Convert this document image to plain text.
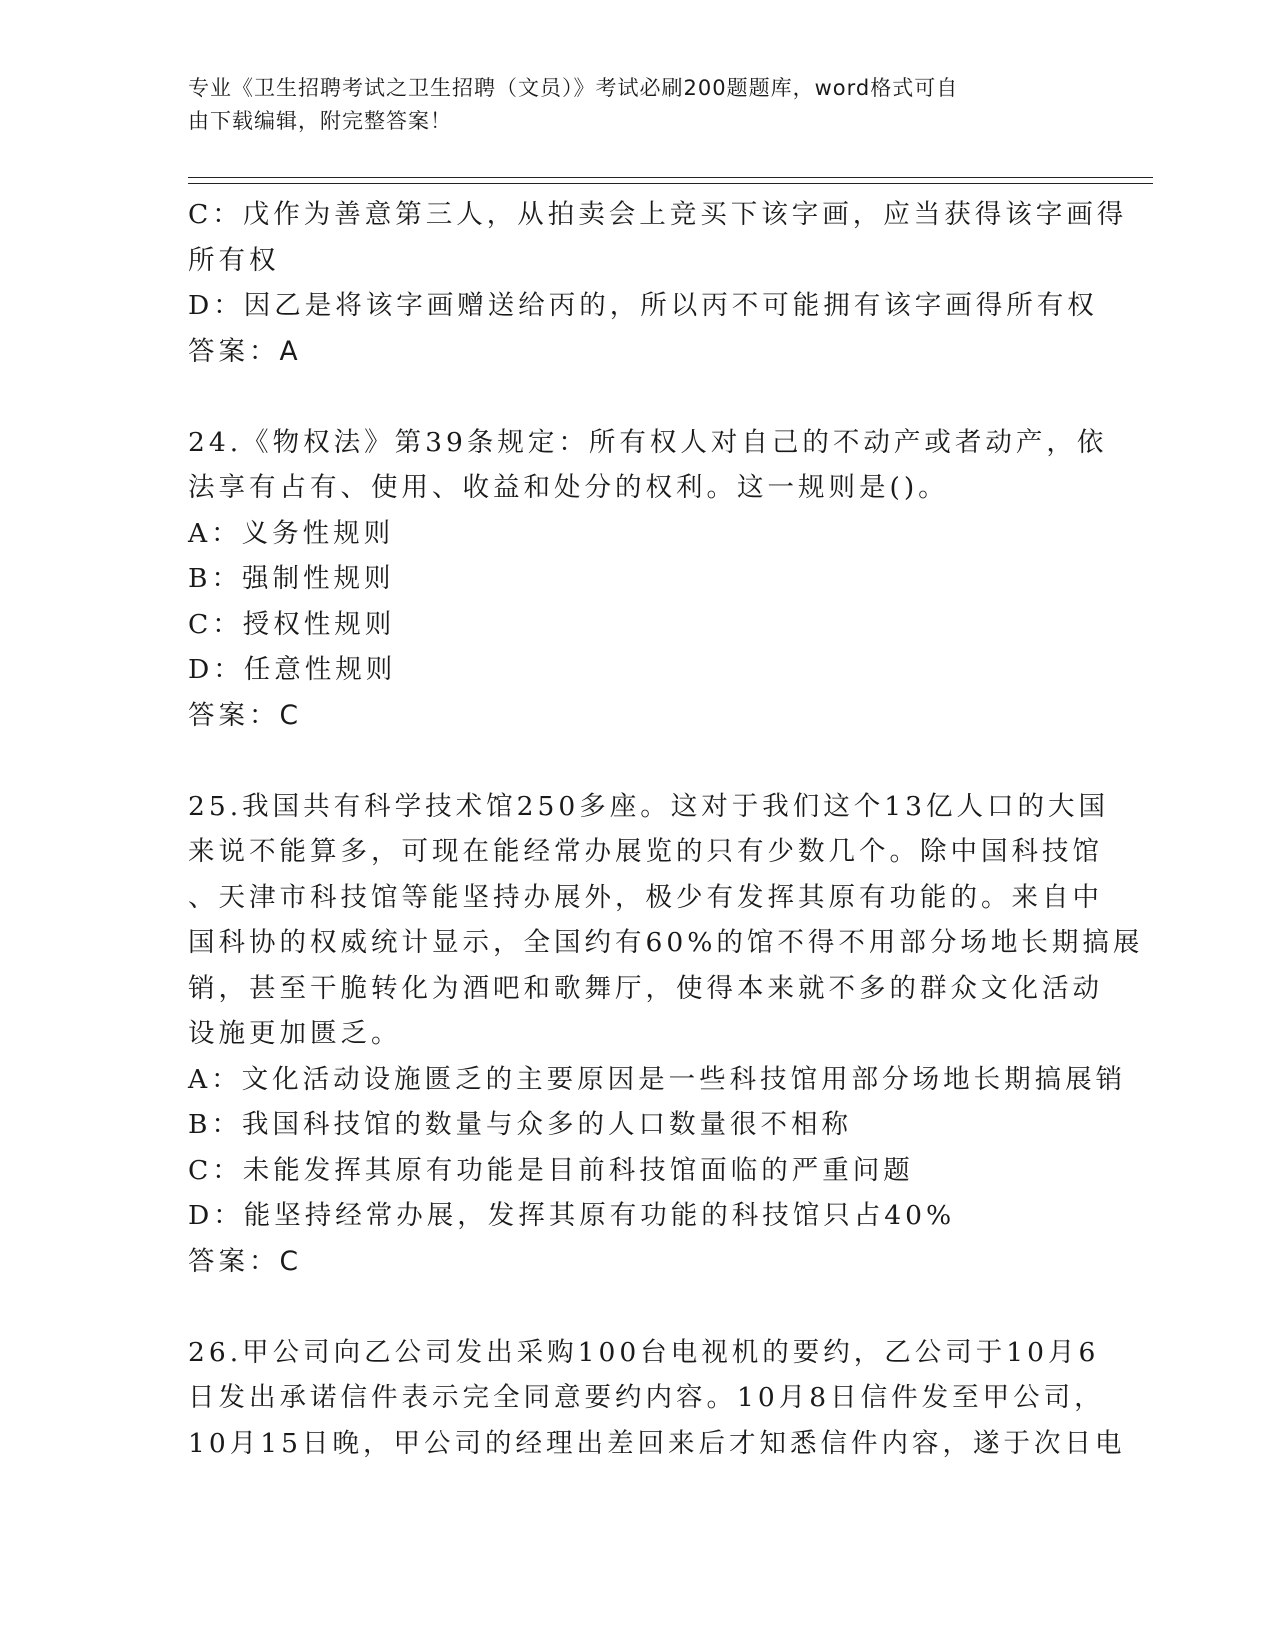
专业《卫生招聘考试之卫生招聘（文员）》考试必刷200题题库，word格式可自
由下载编辑，附完整答案！
C：戊作为善意第三人，从拍卖会上竞买下该字画，应当获得该字画得
所有权
D：因乙是将该字画赠送给丙的，所以丙不可能拥有该字画得所有权
答案：A
24.《物权法》第39条规定：所有权人对自己的不动产或者动产，依
法享有占有、使用、收益和处分的权利。这一规则是()。
A：义务性规则
B：强制性规则
C：授权性规则
D：任意性规则
答案：C
25.我国共有科学技术馆250多座。这对于我们这个13亿人口的大国
来说不能算多，可现在能经常办展览的只有少数几个。除中国科技馆
、天津市科技馆等能坚持办展外，极少有发挥其原有功能的。来自中
国科协的权威统计显示，全国约有60%的馆不得不用部分场地长期搞展
销，甚至干脆转化为酒吧和歌舞厅，使得本来就不多的群众文化活动
设施更加匮乏。
A：文化活动设施匮乏的主要原因是一些科技馆用部分场地长期搞展销
B：我国科技馆的数量与众多的人口数量很不相称
C：未能发挥其原有功能是目前科技馆面临的严重问题
D：能坚持经常办展，发挥其原有功能的科技馆只占40%
答案：C
26.甲公司向乙公司发出采购100台电视机的要约，乙公司于10月6
日发出承诺信件表示完全同意要约内容。10月8日信件发至甲公司，
10月15日晚，甲公司的经理出差回来后才知悉信件内容，遂于次日电
